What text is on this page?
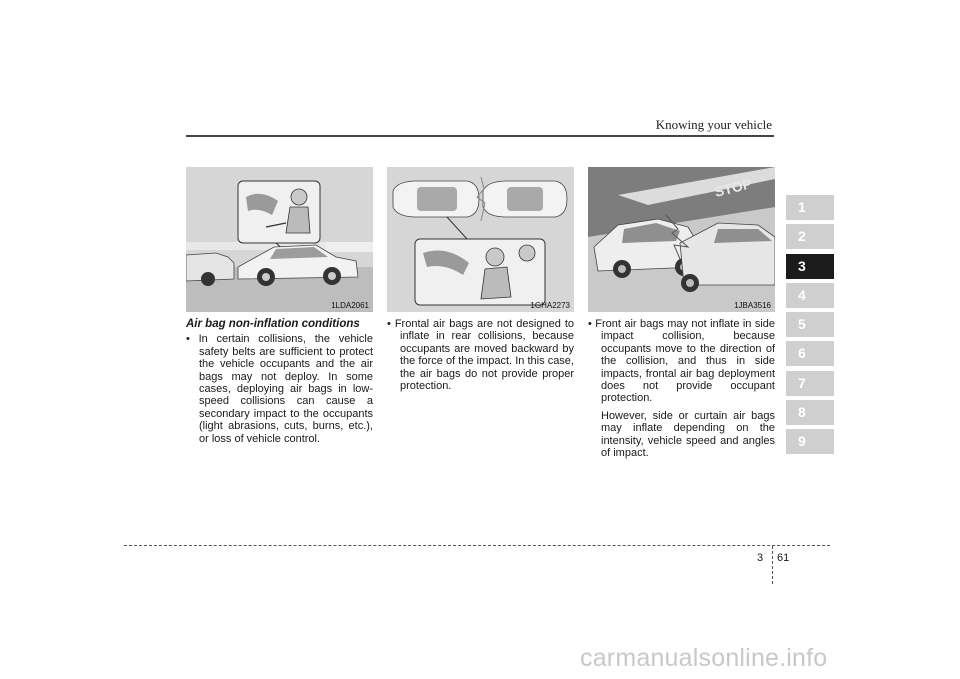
Knowing your vehicle
1LDA2061	1GHA2273
STOP
1JBA3516

Air bag non-inflation conditions

• In certain collisions, the vehicle safety belts are sufficient to protect the vehicle occupants and the air bags may not deploy. In some cases, deploying air bags in low-speed collisions can cause a secondary impact to the occupants (light abrasions, cuts, burns, etc.), or loss of vehicle control.

• Frontal air bags are not designed to inflate in rear collisions, because occupants are moved backward by the force of the impact. In this case, the air bags do not provide proper protection.

• Front air bags may not inflate in side impact collision, because occupants move to the direction of the collision, and thus in side impacts, frontal air bag deployment does not provide occupant protection.

However, side or curtain air bags may inflate depending on the intensity, vehicle speed and angles of impact.

1
2
3
4
5
6
7
8
9
3 61
carmanualsonline.info
